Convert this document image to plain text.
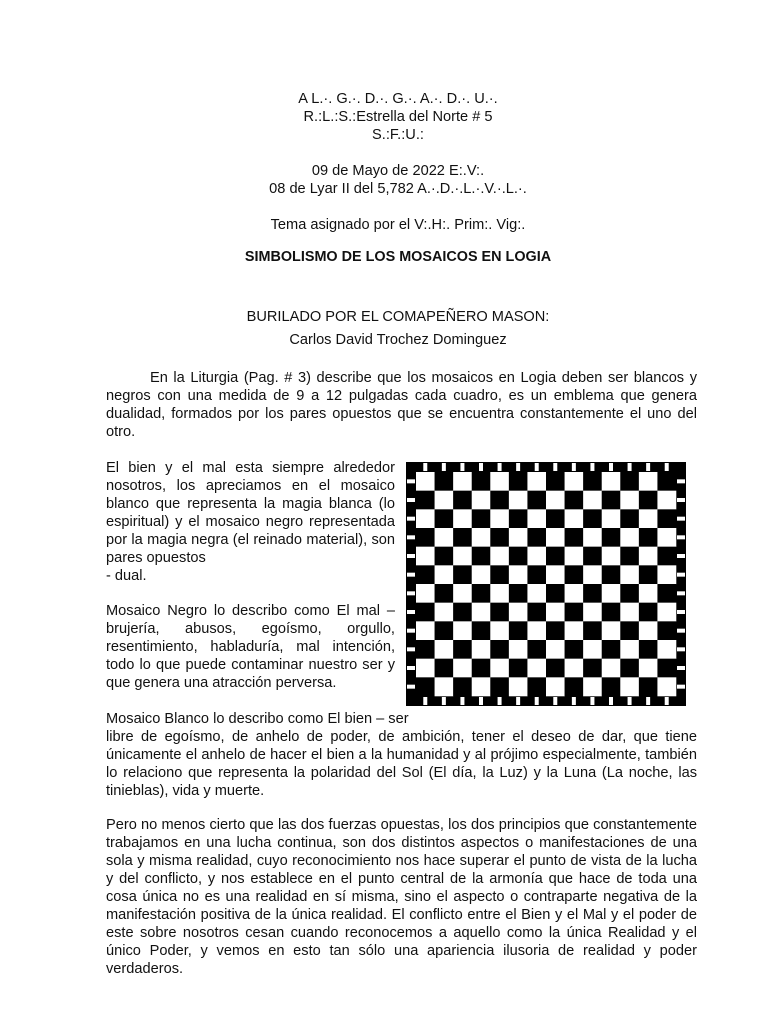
A L.·. G.·. D.·. G.·. A.·. D.·. U.·.
R.:L.:S.:Estrella del Norte # 5
S.:F.:U.:
09 de Mayo de 2022 E:.V:.
08 de Lyar II del 5,782 A.·.D.·.L.·.V.·.L.·.
Tema asignado por el V:.H:. Prim:. Vig:.
SIMBOLISMO DE LOS MOSAICOS EN LOGIA
BURILADO POR EL COMAPEÑERO MASON:
Carlos David Trochez Dominguez
En la Liturgia (Pag. # 3) describe que los mosaicos en Logia deben ser blancos y negros con una medida de 9 a 12 pulgadas cada cuadro, es un emblema que genera dualidad, formados por los pares opuestos que se encuentra constantemente el uno del otro.
El bien y el mal esta siempre alrededor nosotros, los apreciamos en el mosaico blanco que representa la magia blanca (lo espiritual) y el mosaico negro representada por la magia negra (el reinado material), son pares opuestos
- dual.
Mosaico Negro lo describo como El mal – brujería, abusos, egoísmo, orgullo, resentimiento, habladuría, mal intención, todo lo que puede contaminar nuestro ser y que genera una atracción perversa.
Mosaico Blanco lo describo como El bien – ser
libre de egoísmo, de anhelo de poder, de ambición, tener el deseo de dar, que tiene únicamente el anhelo de hacer el bien a la humanidad y al prójimo especialmente, también lo relaciono que representa la polaridad del Sol (El día, la Luz) y la Luna (La noche, las tinieblas), vida y muerte.
Pero no menos cierto que las dos fuerzas opuestas, los dos principios que constantemente trabajamos en una lucha continua, son dos distintos aspectos o manifestaciones de una sola y misma realidad, cuyo reconocimiento nos hace superar el punto de vista de la lucha y del conflicto, y nos establece en el punto central de la armonía que hace de toda una cosa única no es una realidad en sí misma, sino el aspecto o contraparte negativa de la manifestación positiva de la única realidad. El conflicto entre el Bien y el Mal y el poder de este sobre nosotros cesan cuando reconocemos a aquello como la única Realidad y el único Poder, y vemos en esto tan sólo una apariencia ilusoria de realidad y poder verdaderos.
